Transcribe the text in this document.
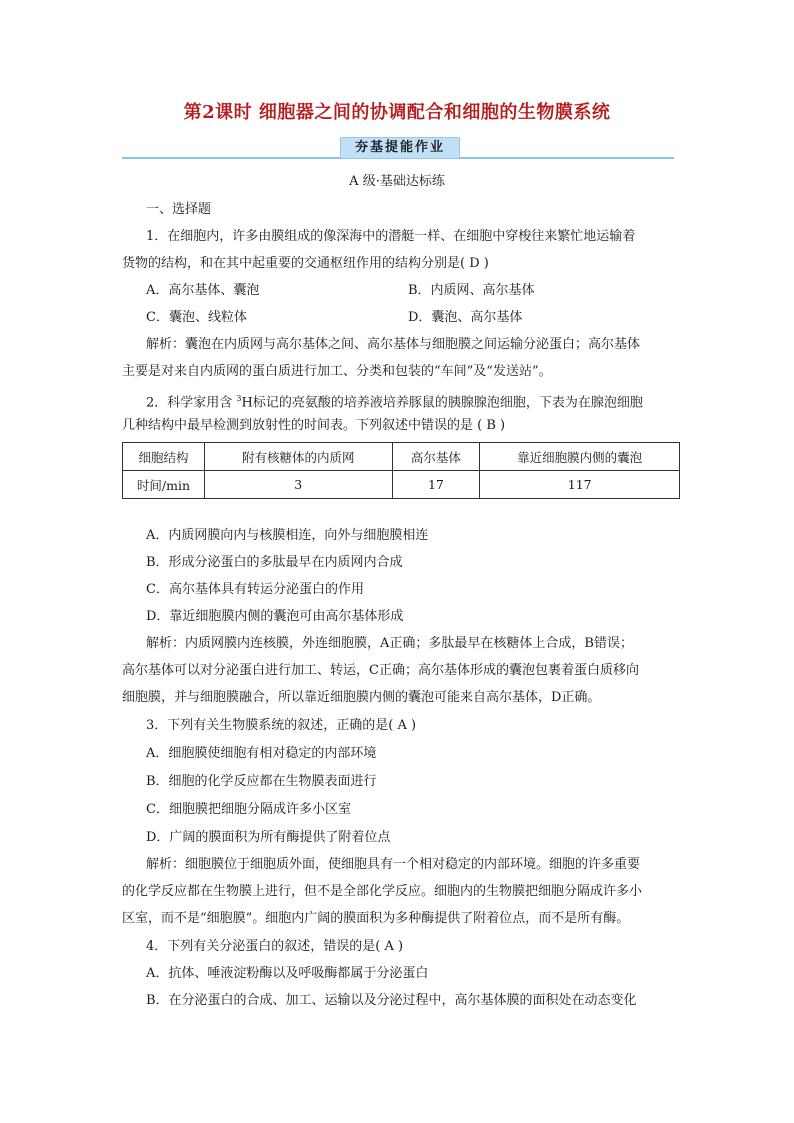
第2课时 细胞器之间的协调配合和细胞的生物膜系统
夯基提能作业
A 级·基础达标练
一、选择题
1．在细胞内，许多由膜组成的像深海中的潜艇一样、在细胞中穿梭往来繁忙地运输着
货物的结构，和在其中起重要的交通枢纽作用的结构分别是( D )
A．高尔基体、囊泡	B．内质网、高尔基体
C．囊泡、线粒体	D．囊泡、高尔基体
解析：囊泡在内质网与高尔基体之间、高尔基体与细胞膜之间运输分泌蛋白；高尔基体
主要是对来自内质网的蛋白质进行加工、分类和包装的“车间”及“发送站”。
2．科学家用含 $^3$H标记的亮氨酸的培养液培养豚鼠的胰腺腺泡细胞，下表为在腺泡细胞
几种结构中最早检测到放射性的时间表。下列叙述中错误的是 ( B )
细胞结构	附有核糖体的内质网	高尔基体	靠近细胞膜内侧的囊泡
时间/min	3	17	117
A．内质网膜向内与核膜相连，向外与细胞膜相连
B．形成分泌蛋白的多肽最早在内质网内合成
C．高尔基体具有转运分泌蛋白的作用
D．靠近细胞膜内侧的囊泡可由高尔基体形成
解析：内质网膜内连核膜，外连细胞膜，A正确；多肽最早在核糖体上合成，B错误；
高尔基体可以对分泌蛋白进行加工、转运，C正确；高尔基体形成的囊泡包裹着蛋白质移向
细胞膜，并与细胞膜融合，所以靠近细胞膜内侧的囊泡可能来自高尔基体，D正确。
3．下列有关生物膜系统的叙述，正确的是( A )
A．细胞膜使细胞有相对稳定的内部环境
B．细胞的化学反应都在生物膜表面进行
C．细胞膜把细胞分隔成许多小区室
D．广阔的膜面积为所有酶提供了附着位点
解析：细胞膜位于细胞质外面，使细胞具有一个相对稳定的内部环境。细胞的许多重要
的化学反应都在生物膜上进行，但不是全部化学反应。细胞内的生物膜把细胞分隔成许多小
区室，而不是“细胞膜”。细胞内广阔的膜面积为多种酶提供了附着位点，而不是所有酶。
4．下列有关分泌蛋白的叙述，错误的是( A )
A．抗体、唾液淀粉酶以及呼吸酶都属于分泌蛋白
B．在分泌蛋白的合成、加工、运输以及分泌过程中，高尔基体膜的面积处在动态变化
